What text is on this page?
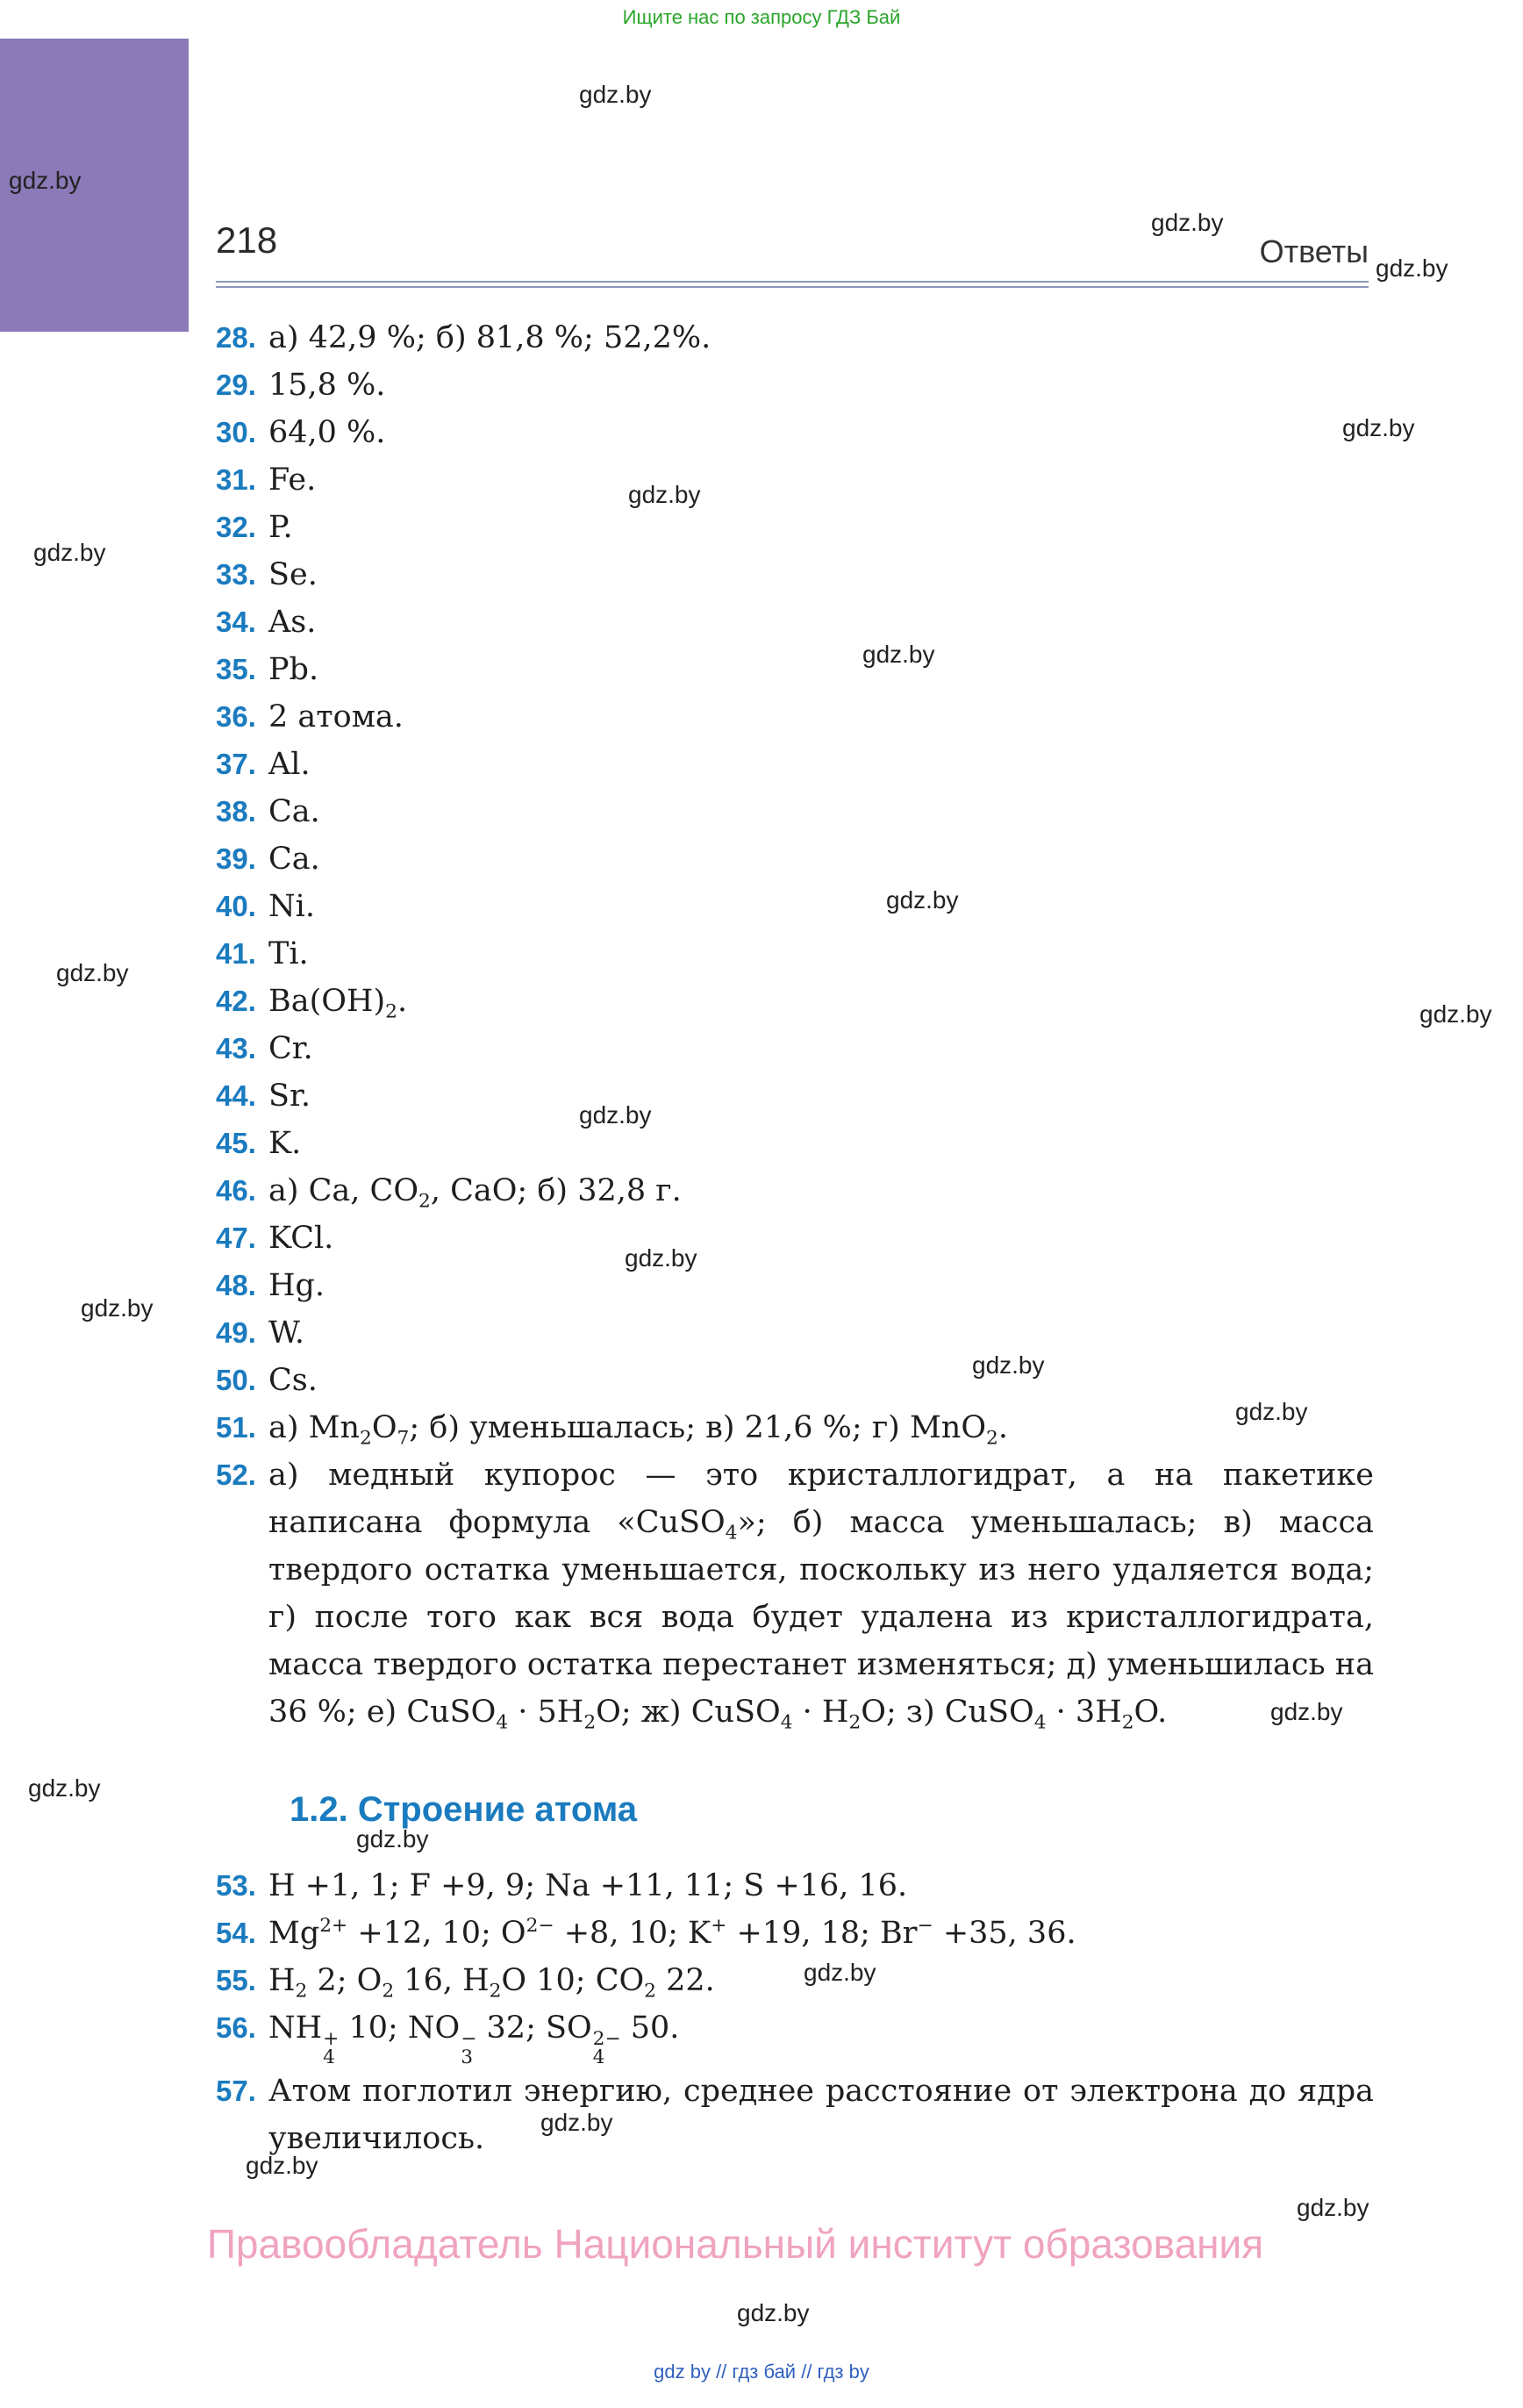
Ищите нас по запросу ГДЗ Бай
218	Ответы
28. а) 42,9 %; б) 81,8 %; 52,2%.
29. 15,8 %.
30. 64,0 %.
31. Fe.
32. P.
33. Se.
34. As.
35. Pb.
36. 2 атома.
37. Al.
38. Ca.
39. Ca.
40. Ni.
41. Ti.
42. $Ba(OH)_2$.
43. Cr.
44. Sr.
45. K.
46. а) Ca, $CO_2$, CaO; б) 32,8 г.
47. KCl.
48. Hg.
49. W.
50. Cs.
51. а) $Mn_2O_7$; б) уменьшалась; в) 21,6 %; г) MnO$_2$.
52. а) медный купорос — это кристаллогидрат, а на пакетике написана формула «CuSO$_4$»; б) масса уменьшалась; в) масса твердого остатка уменьшается, поскольку из него удаляется вода; г) после того как вся вода будет удалена из кристаллогидрата, масса твердого остатка перестанет изменяться; д) уменьшилась на 36 %; е) CuSO$_4$ · $5H_2O$; ж) CuSO$_4$ · $H_2O$; з) CuSO$_4$ · $3H_2O$.
1.2. Строение атома
53. H +1, 1; F +9, 9; Na +11, 11; S +16, 16.
54. $Mg^{2+} +12$, 10; $O^{2-} +8$, 10; K+ +19, 18; Br− +35, 36.
55. $H_2$ 2; $O_2$ 16, $H_2O$ 10; $CO_2$ 22.
56. NH +
4
10; NO −
3
32; SO 2−
4
50.
57. Атом поглотил энергию, среднее расстояние от электрона до ядра увеличилось.
gdz.by
gdz.by
gdz.by
gdz.by
gdz.by
gdz.by
gdz.by
gdz.by
gdz.by
gdz.by
gdz.by
gdz.by
gdz.by
gdz.by
gdz.by
gdz.by
gdz.by
gdz.by
gdz.by
gdz.by
gdz.by
gdz.by
gdz.by
gdz.by
Правообладатель Национальный институт образования
gdz by // гдз бай // гдз by
